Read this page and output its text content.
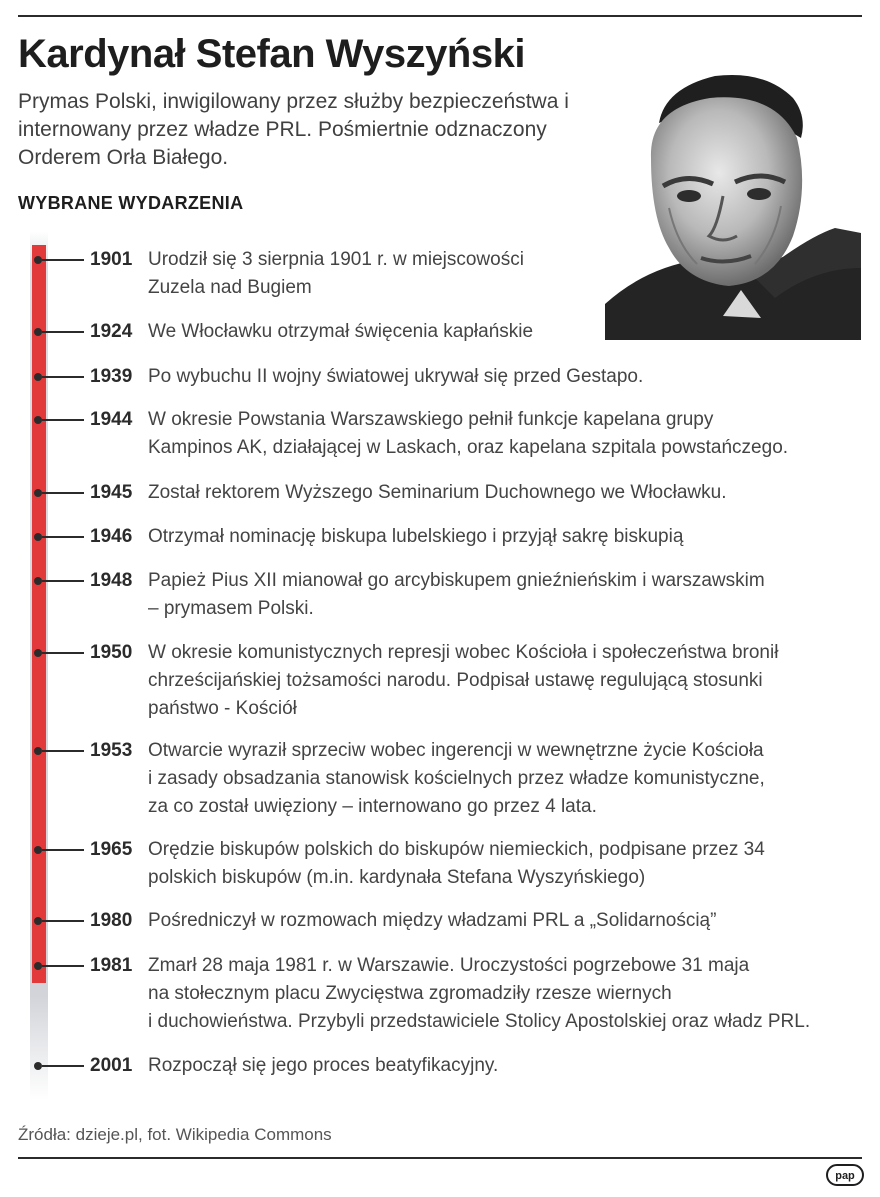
Kardynał Stefan Wyszyński
Prymas Polski, inwigilowany przez służby bezpieczeństwa i internowany przez władze PRL. Pośmiertnie odznaczony Orderem Orła Białego.
WYBRANE WYDARZENIA
1901 Urodził się 3 sierpnia 1901 r. w miejscowości
Zuzela nad Bugiem
1924 We Włocławku otrzymał święcenia kapłańskie
1939 Po wybuchu II wojny światowej ukrywał się przed Gestapo.
1944 W okresie Powstania Warszawskiego pełnił funkcje kapelana grupy
Kampinos AK, działającej w Laskach, oraz kapelana szpitala powstańczego.
1945 Został rektorem Wyższego Seminarium Duchownego we Włocławku.
1946 Otrzymał nominację biskupa lubelskiego i przyjął sakrę biskupią
1948 Papież Pius XII mianował go arcybiskupem gnieźnieńskim i warszawskim
– prymasem Polski.
1950 W okresie komunistycznych represji wobec Kościoła i społeczeństwa bronił
chrześcijańskiej tożsamości narodu. Podpisał ustawę regulującą stosunki
państwo - Kościół
1953 Otwarcie wyraził sprzeciw wobec ingerencji w wewnętrzne życie Kościoła
i zasady obsadzania stanowisk kościelnych przez władze komunistyczne,
za co został uwięziony – internowano go przez 4 lata.
1965 Orędzie biskupów polskich do biskupów niemieckich, podpisane przez 34
polskich biskupów (m.in. kardynała Stefana Wyszyńskiego)
1980 Pośredniczył w rozmowach między władzami PRL a „Solidarnością”
1981 Zmarł 28 maja 1981 r. w Warszawie. Uroczystości pogrzebowe 31 maja
na stołecznym placu Zwycięstwa zgromadziły rzesze wiernych
i duchowieństwa. Przybyli przedstawiciele Stolicy Apostolskiej oraz władz PRL.
2001 Rozpoczął się jego proces beatyfikacyjny.
Źródła: dzieje.pl, fot. Wikipedia Commons
pap
